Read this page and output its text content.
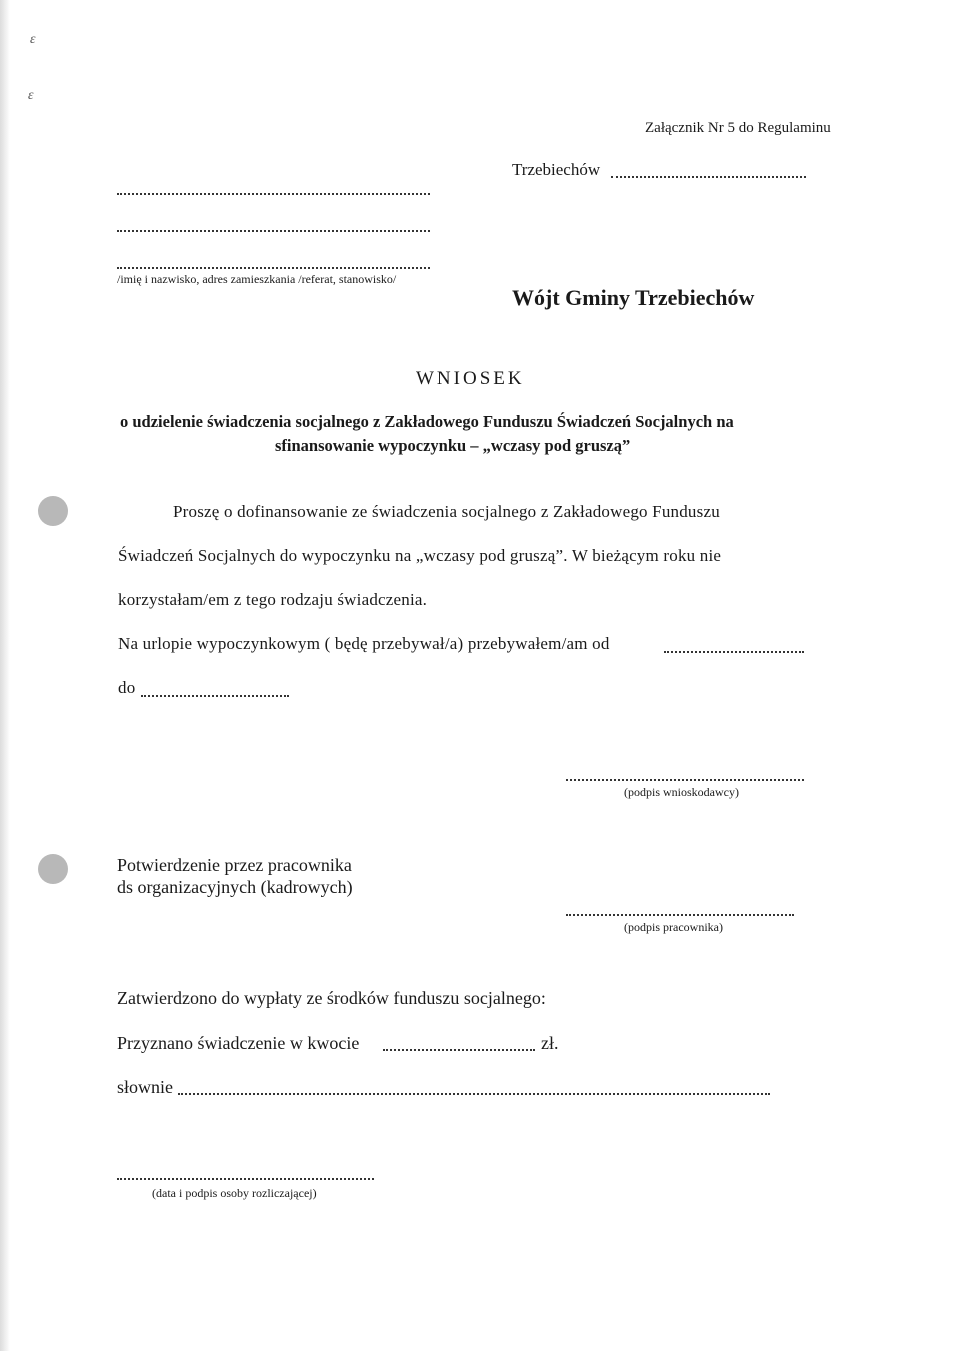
ɛ
ɛ
Załącznik Nr 5 do Regulaminu
Trzebiechów
/imię i nazwisko, adres zamieszkania /referat, stanowisko/
Wójt Gminy Trzebiechów
WNIOSEK
o udzielenie świadczenia socjalnego z Zakładowego Funduszu Świadczeń Socjalnych na
sfinansowanie wypoczynku – „wczasy pod gruszą”
Proszę o dofinansowanie ze świadczenia socjalnego z Zakładowego Funduszu
Świadczeń Socjalnych do wypoczynku na „wczasy pod gruszą”. W bieżącym roku nie
korzystałam/em z tego rodzaju świadczenia.
Na urlopie wypoczynkowym ( będę przebywał/a) przebywałem/am od
do
(podpis wnioskodawcy)
Potwierdzenie przez pracownika
ds organizacyjnych (kadrowych)
(podpis pracownika)
Zatwierdzono do wypłaty ze środków funduszu socjalnego:
Przyznano świadczenie w kwocie	zł.
słownie
(data i podpis osoby rozliczającej)
